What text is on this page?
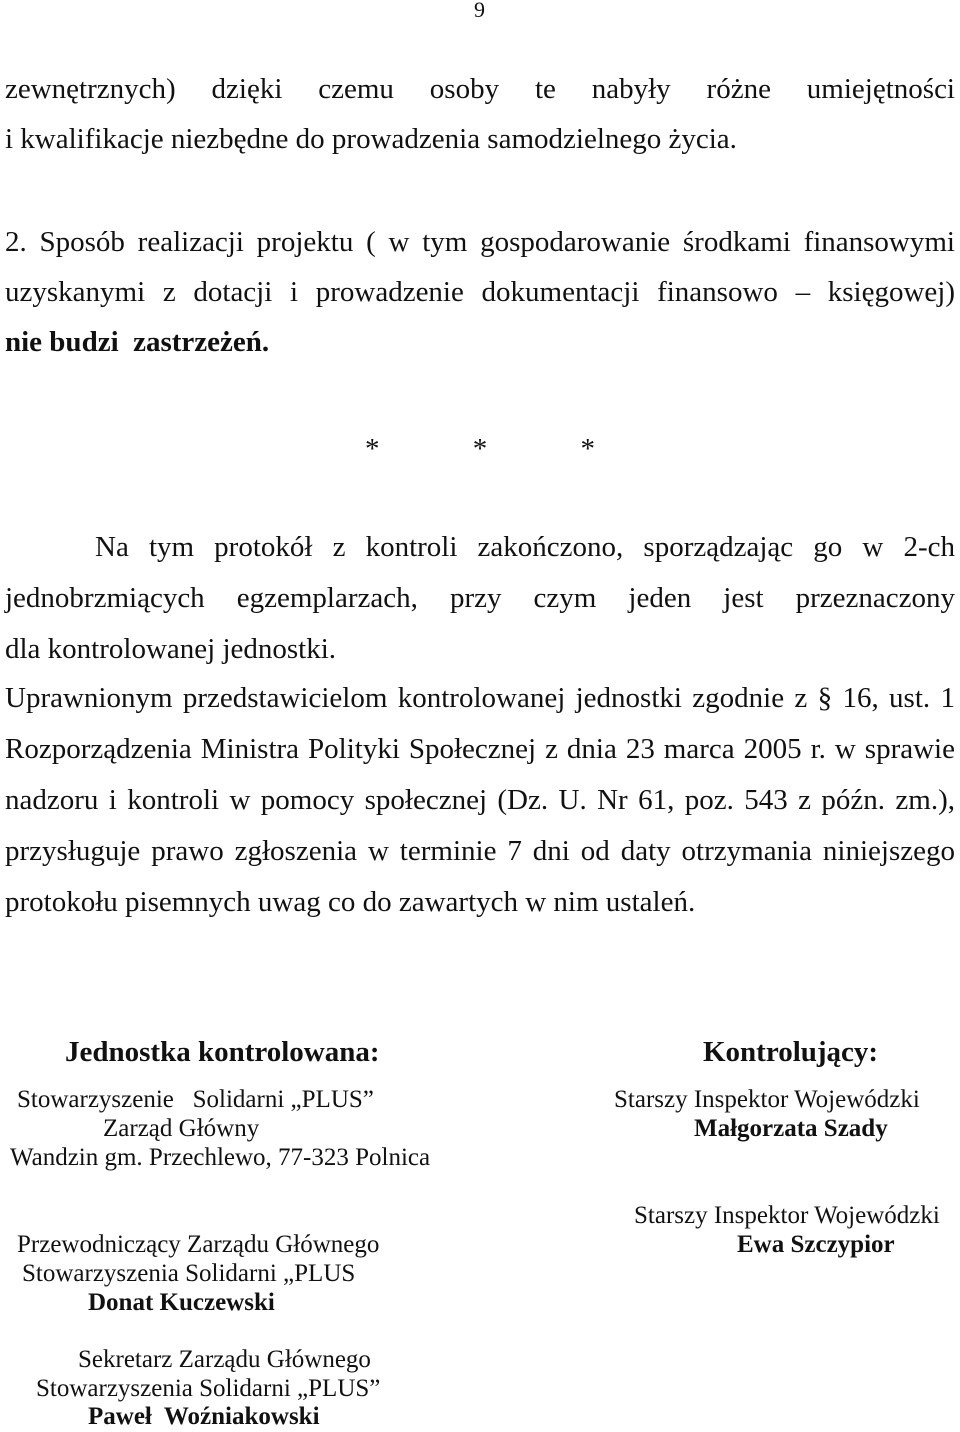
9
zewnętrznych) dzięki czemu osoby te nabyły różne umiejętności
i kwalifikacje niezbędne do prowadzenia samodzielnego życia.
2. Sposób realizacji projektu ( w tym gospodarowanie środkami finansowymi
uzyskanymi z dotacji i prowadzenie dokumentacji finansowo – księgowej)
nie budzi  zastrzeżeń.
* * *
Na tym protokół z kontroli zakończono, sporządzając go w 2-ch
jednobrzmiących egzemplarzach, przy czym jeden jest przeznaczony
dla kontrolowanej jednostki.
Uprawnionym przedstawicielom kontrolowanej jednostki zgodnie z § 16, ust. 1
Rozporządzenia Ministra Polityki Społecznej z dnia 23 marca 2005 r. w sprawie
nadzoru i kontroli w pomocy społecznej (Dz. U. Nr 61, poz. 543 z późn. zm.),
przysługuje prawo zgłoszenia w terminie 7 dni od daty otrzymania niniejszego
protokołu pisemnych uwag co do zawartych w nim ustaleń.
Jednostka kontrolowana:
Stowarzyszenie   Solidarni „PLUS”
Zarząd Główny
Wandzin gm. Przechlewo, 77-323 Polnica
Przewodniczący Zarządu Głównego
Stowarzyszenia Solidarni „PLUS
Donat Kuczewski
Sekretarz Zarządu Głównego
Stowarzyszenia Solidarni „PLUS”
Paweł  Woźniakowski
Kontrolujący:
Starszy Inspektor Wojewódzki
Małgorzata Szady
Starszy Inspektor Wojewódzki
Ewa Szczypior
